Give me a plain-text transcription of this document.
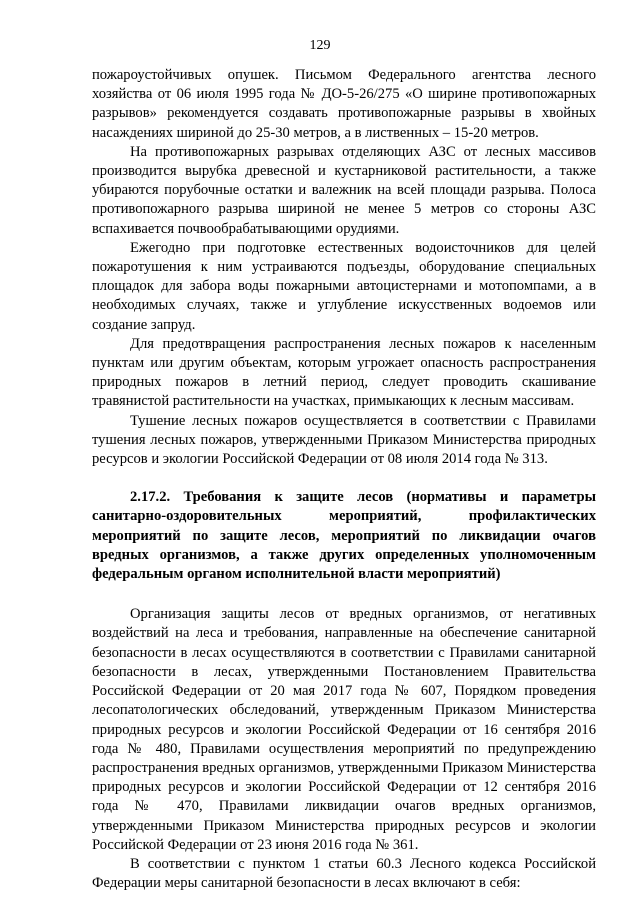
129

пожароустойчивых опушек. Письмом Федерального агентства лесного хозяйства от 06 июля 1995 года № ДО-5-26/275 «О ширине противопожарных разрывов» рекомендуется создавать противопожарные разрывы в хвойных насаждениях шириной до 25-30 метров, а в лиственных – 15-20 метров.

На противопожарных разрывах отделяющих АЗС от лесных массивов производится вырубка древесной и кустарниковой растительности, а также убираются порубочные остатки и валежник на всей площади разрыва. Полоса противопожарного разрыва шириной не менее 5 метров со стороны АЗС вспахивается почвообрабатывающими орудиями.

Ежегодно при подготовке естественных водоисточников для целей пожаротушения к ним устраиваются подъезды, оборудование специальных площадок для забора воды пожарными автоцистернами и мотопомпами, а в необходимых случаях, также и углубление искусственных водоемов или создание запруд.

Для предотвращения распространения лесных пожаров к населенным пунктам или другим объектам, которым угрожает опасность распространения природных пожаров в летний период, следует проводить скашивание травянистой растительности на участках, примыкающих к лесным массивам.

Тушение лесных пожаров осуществляется в соответствии с Правилами тушения лесных пожаров, утвержденными Приказом Министерства природных ресурсов и экологии Российской Федерации от 08 июля 2014 года № 313.

2.17.2. Требования к защите лесов (нормативы и параметры санитарно-оздоровительных мероприятий, профилактических мероприятий по защите лесов, мероприятий по ликвидации очагов вредных организмов, а также других определенных уполномоченным федеральным органом исполнительной власти мероприятий)

Организация защиты лесов от вредных организмов, от негативных воздействий на леса и требования, направленные на обеспечение санитарной безопасности в лесах осуществляются в соответствии с Правилами санитарной безопасности в лесах, утвержденными Постановлением Правительства Российской Федерации от 20 мая 2017 года № 607, Порядком проведения лесопатологических обследований, утвержденным Приказом Министерства природных ресурсов и экологии Российской Федерации от 16 сентября 2016 года № 480, Правилами осуществления мероприятий по предупреждению распространения вредных организмов, утвержденными Приказом Министерства природных ресурсов и экологии Российской Федерации от 12 сентября 2016 года № 470, Правилами ликвидации очагов вредных организмов, утвержденными Приказом Министерства природных ресурсов и экологии Российской Федерации от 23 июня 2016 года № 361.

В соответствии с пунктом 1 статьи 60.3 Лесного кодекса Российской Федерации меры санитарной безопасности в лесах включают в себя:
